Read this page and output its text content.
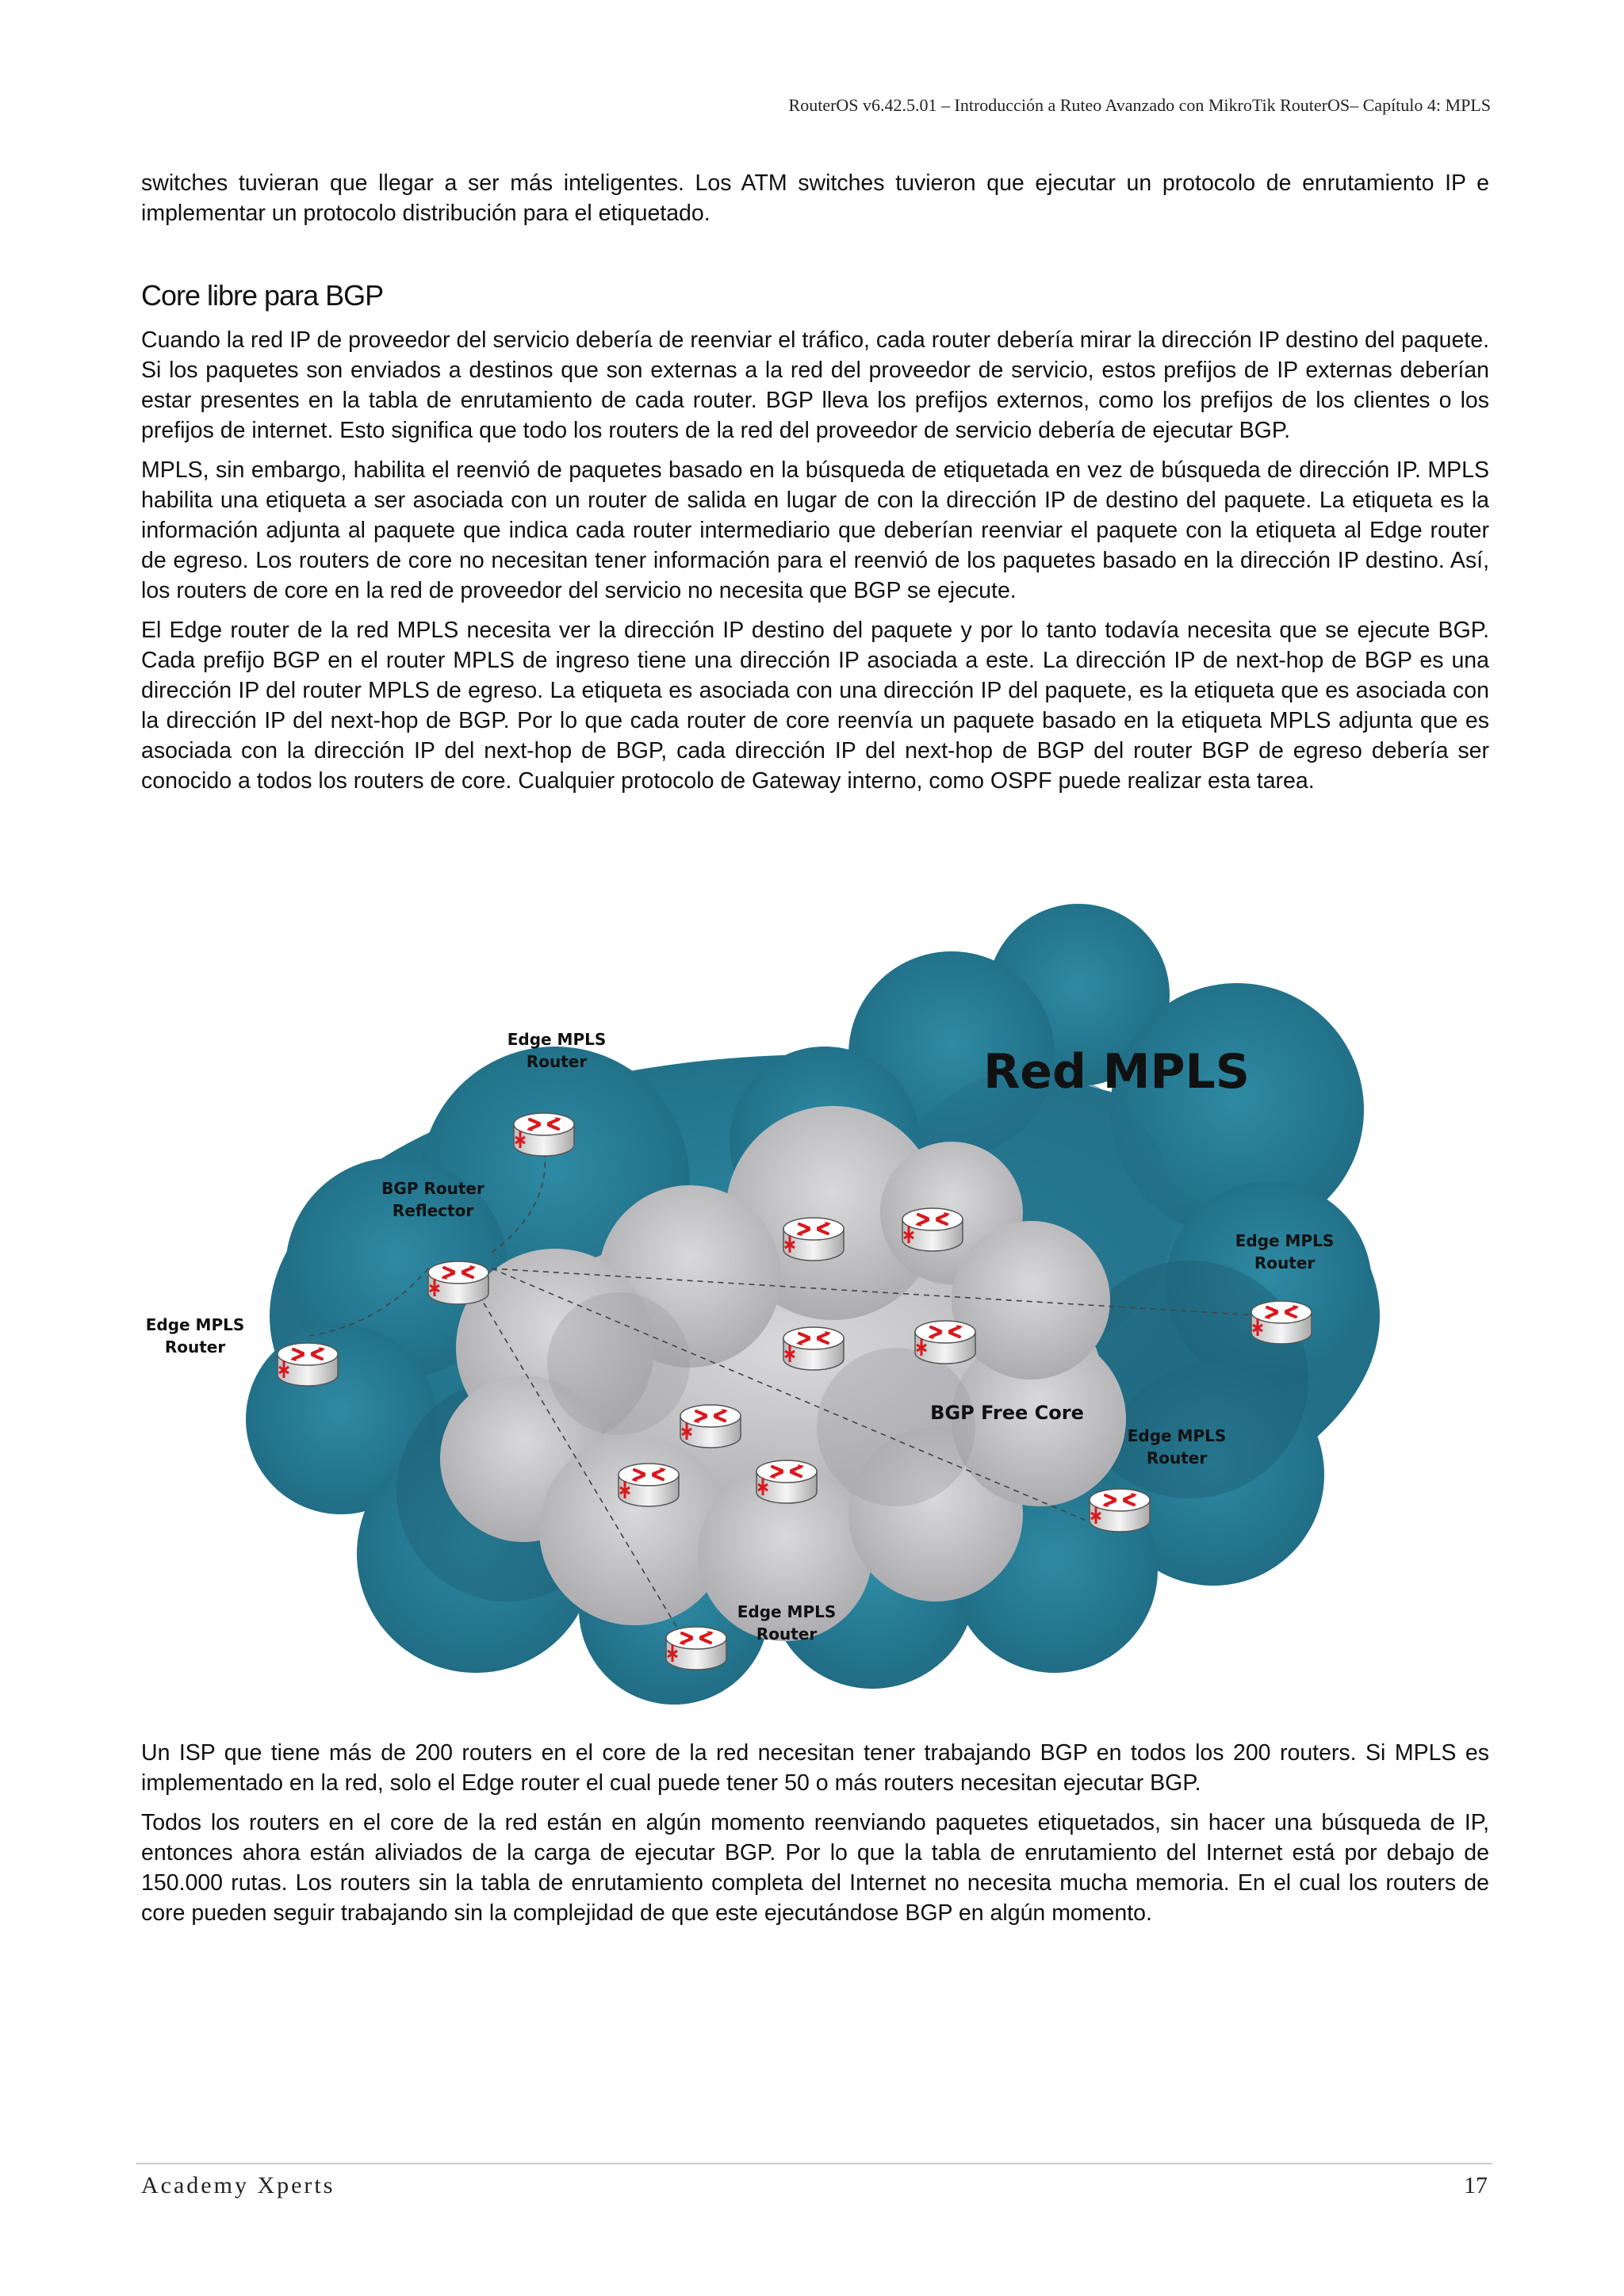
RouterOS v6.42.5.01 – Introducción a Ruteo Avanzado con MikroTik RouterOS– Capítulo 4: MPLS

switches tuvieran que llegar a ser más inteligentes. Los ATM switches tuvieron que ejecutar un protocolo de enrutamiento IP e implementar un protocolo distribución para el etiquetado.

Core libre para BGP

Cuando la red IP de proveedor del servicio debería de reenviar el tráfico, cada router debería mirar la dirección IP destino del paquete. Si los paquetes son enviados a destinos que son externas a la red del proveedor de servicio, estos prefijos de IP externas deberían estar presentes en la tabla de enrutamiento de cada router. BGP lleva los prefijos externos, como los prefijos de los clientes o los prefijos de internet. Esto significa que todo los routers de la red del proveedor de servicio debería de ejecutar BGP.

MPLS, sin embargo, habilita el reenvió de paquetes basado en la búsqueda de etiquetada en vez de búsqueda de dirección IP. MPLS habilita una etiqueta a ser asociada con un router de salida en lugar de con la dirección IP de destino del paquete. La etiqueta es la información adjunta al paquete que indica cada router intermediario que deberían reenviar el paquete con la etiqueta al Edge router de egreso. Los routers de core no necesitan tener información para el reenvió de los paquetes basado en la dirección IP destino. Así, los routers de core en la red de proveedor del servicio no necesita que BGP se ejecute.

El Edge router de la red MPLS necesita ver la dirección IP destino del paquete y por lo tanto todavía necesita que se ejecute BGP. Cada prefijo BGP en el router MPLS de ingreso tiene una dirección IP asociada a este. La dirección IP de next-hop de BGP es una dirección IP del router MPLS de egreso. La etiqueta es asociada con una dirección IP del paquete, es la etiqueta que es asociada con la dirección IP del next-hop de BGP. Por lo que cada router de core reenvía un paquete basado en la etiqueta MPLS adjunta que es asociada con la dirección IP del next-hop de BGP, cada dirección IP del next-hop de BGP del router BGP de egreso debería ser conocido a todos los routers de core. Cualquier protocolo de Gateway interno, como OSPF puede realizar esta tarea.

Red MPLS
BGP Free Core
Edge MPLS
Router
BGP Router
Reflector
Edge MPLS
Router
Edge MPLS
Router
Edge MPLS
Router
Edge MPLS
Router

Un ISP que tiene más de 200 routers en el core de la red necesitan tener trabajando BGP en todos los 200 routers. Si MPLS es implementado en la red, solo el Edge router el cual puede tener 50 o más routers necesitan ejecutar BGP.

Todos los routers en el core de la red están en algún momento reenviando paquetes etiquetados, sin hacer una búsqueda de IP, entonces ahora están aliviados de la carga de ejecutar BGP. Por lo que la tabla de enrutamiento del Internet está por debajo de 150.000 rutas. Los routers sin la tabla de enrutamiento completa del Internet no necesita mucha memoria. En el cual los routers de core pueden seguir trabajando sin la complejidad de que este ejecutándose BGP en algún momento.

Academy Xperts	17
